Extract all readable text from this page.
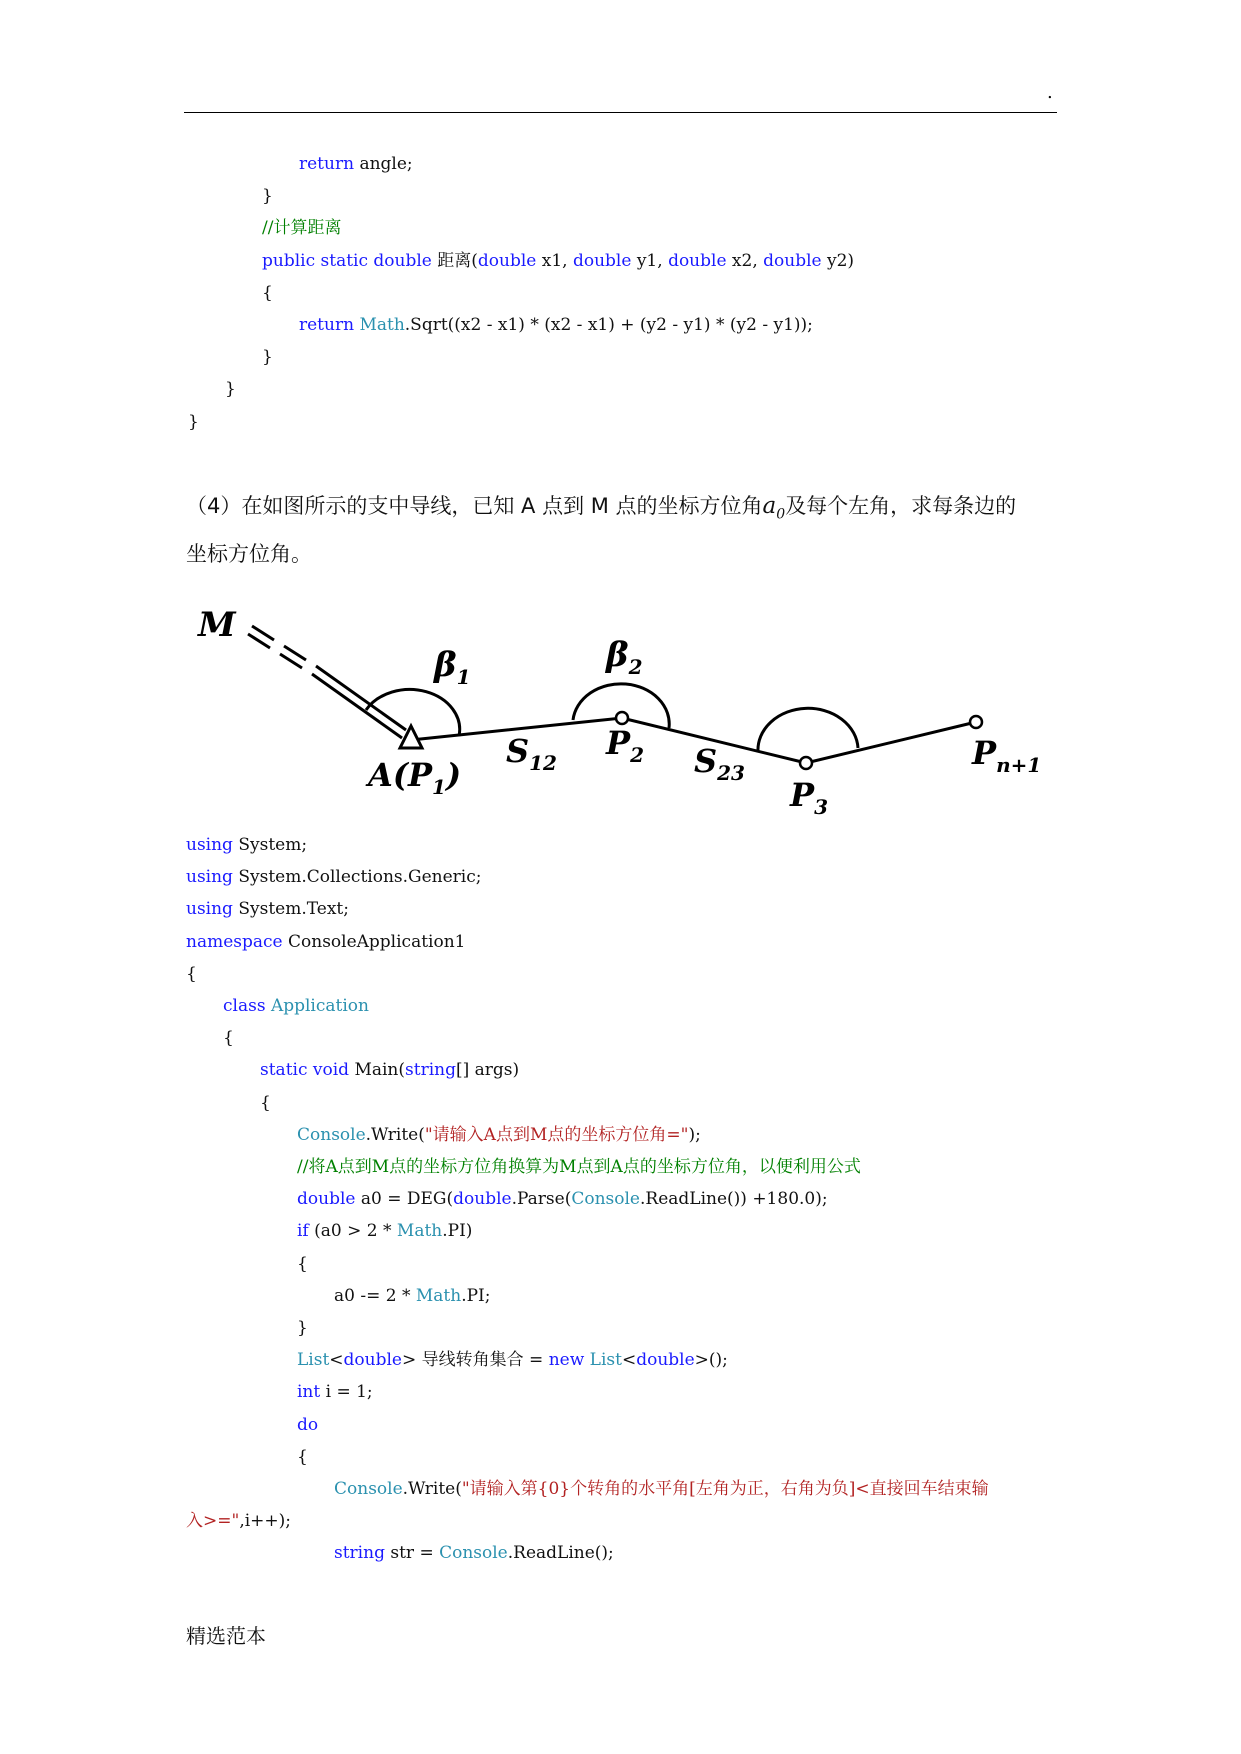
.
return angle;
}
//计算距离
public static double 距离(double x1, double y1, double x2, double y2)
{
return Math.Sqrt((x2 - x1) * (x2 - x1) + (y2 - y1) * (y2 - y1));
}
}
}
（4）在如图所示的支中导线，已知 A 点到 M 点的坐标方位角$a_0$及每个左角，求每条边的
坐标方位角。
M
$\beta_1$
$\beta_2$
$A(P_1)$
$S_{12}$
$P_2$ $S_{23}$
$P_3$
$P_{n+1}$
using System;
using System.Collections.Generic;
using System.Text;
namespace ConsoleApplication1
{
class Application
{
static void Main(string[] args)
{
Console.Write("请输入A点到M点的坐标方位角=");
//将A点到M点的坐标方位角换算为M点到A点的坐标方位角，以便利用公式
double a0 = DEG(double.Parse(Console.ReadLine()) +180.0);
if (a0 > 2 * Math.PI)
{
a0 -= 2 * Math.PI;
}
List<double> 导线转角集合 = new List<double>();
int i = 1;
do
{
Console.Write("请输入第{0}个转角的水平角[左角为正，右角为负]<直接回车结束输
入>=",i++);
string str = Console.ReadLine();
精选范本
